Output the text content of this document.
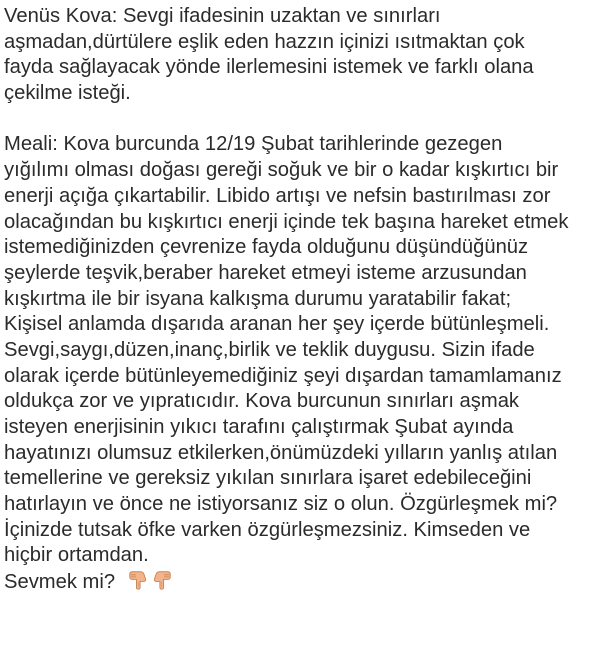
Venüs Kova: Sevgi ifadesinin uzaktan ve sınırları
aşmadan,dürtülere eşlik eden hazzın içinizi ısıtmaktan çok
fayda sağlayacak yönde ilerlemesini istemek ve farklı olana
çekilme isteği.
Meali: Kova burcunda 12/19 Şubat tarihlerinde gezegen
yığılımı olması doğası gereği soğuk ve bir o kadar kışkırtıcı bir
enerji açığa çıkartabilir. Libido artışı ve nefsin bastırılması zor
olacağından bu kışkırtıcı enerji içinde tek başına hareket etmek
istemediğinizden çevrenize fayda olduğunu düşündüğünüz
şeylerde teşvik,beraber hareket etmeyi isteme arzusundan
kışkırtma ile bir isyana kalkışma durumu yaratabilir fakat;
Kişisel anlamda dışarıda aranan her şey içerde bütünleşmeli.
Sevgi,saygı,düzen,inanç,birlik ve teklik duygusu. Sizin ifade
olarak içerde bütünleyemediğiniz şeyi dışardan tamamlamanız
oldukça zor ve yıpratıcıdır. Kova burcunun sınırları aşmak
isteyen enerjisinin yıkıcı tarafını çalıştırmak Şubat ayında
hayatınızı olumsuz etkilerken,önümüzdeki yılların yanlış atılan
temellerine ve gereksiz yıkılan sınırlara işaret edebileceğini
hatırlayın ve önce ne istiyorsanız siz o olun. Özgürleşmek mi?
İçinizde tutsak öfke varken özgürleşmezsiniz. Kimseden ve
hiçbir ortamdan.
Sevmek mi?
